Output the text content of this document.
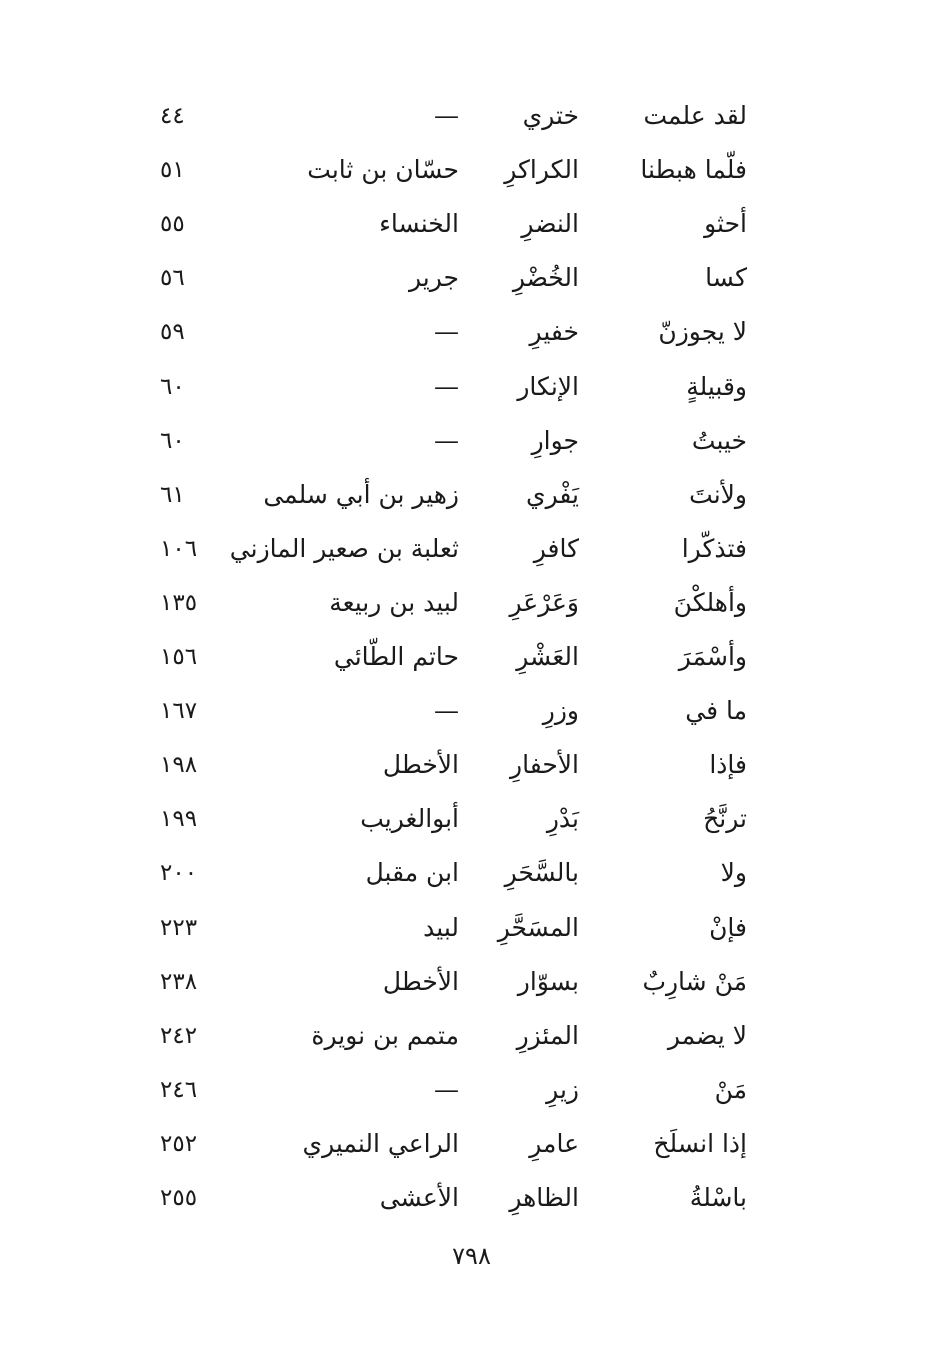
لقد علمت
ختري
—
٤٤
فلّما هبطنا
الكراكرِ
حسّان بن ثابت
٥١
أحثو
النضرِ
الخنساء
٥٥
كسا
الخُضْرِ
جرير
٥٦
لا يجوزنّ
خفيرِ
—
٥٩
وقبيلةٍ
الإنكار
—
٦٠
خيبتُ
جوارِ
—
٦٠
ولأنتَ
يَفْري
زهير بن أبي سلمى
٦١
فتذكّرا
كافرِ
ثعلبة بن صعير المازني
١٠٦
وأهلكْنَ
وَعَرْعَرِ
لبيد بن ربيعة
١٣٥
وأسْمَرَ
العَشْرِ
حاتم الطّائي
١٥٦
ما في
وزرِ
—
١٦٧
فإذا
الأحفارِ
الأخطل
١٩٨
ترنَّحُ
بَدْرِ
أبوالغريب
١٩٩
ولا
بالسَّحَرِ
ابن مقبل
٢٠٠
فإنْ
المسَحَّرِ
لبيد
٢٢٣
مَنْ شارِبٌ
بسوّار
الأخطل
٢٣٨
لا يضمر
المئزرِ
متمم بن نويرة
٢٤٢
مَنْ
زيرِ
—
٢٤٦
إذا انسلَخ
عامرِ
الراعي النميري
٢٥٢
باسْلةُ
الظاهرِ
الأعشى
٢٥٥
٧٩٨
